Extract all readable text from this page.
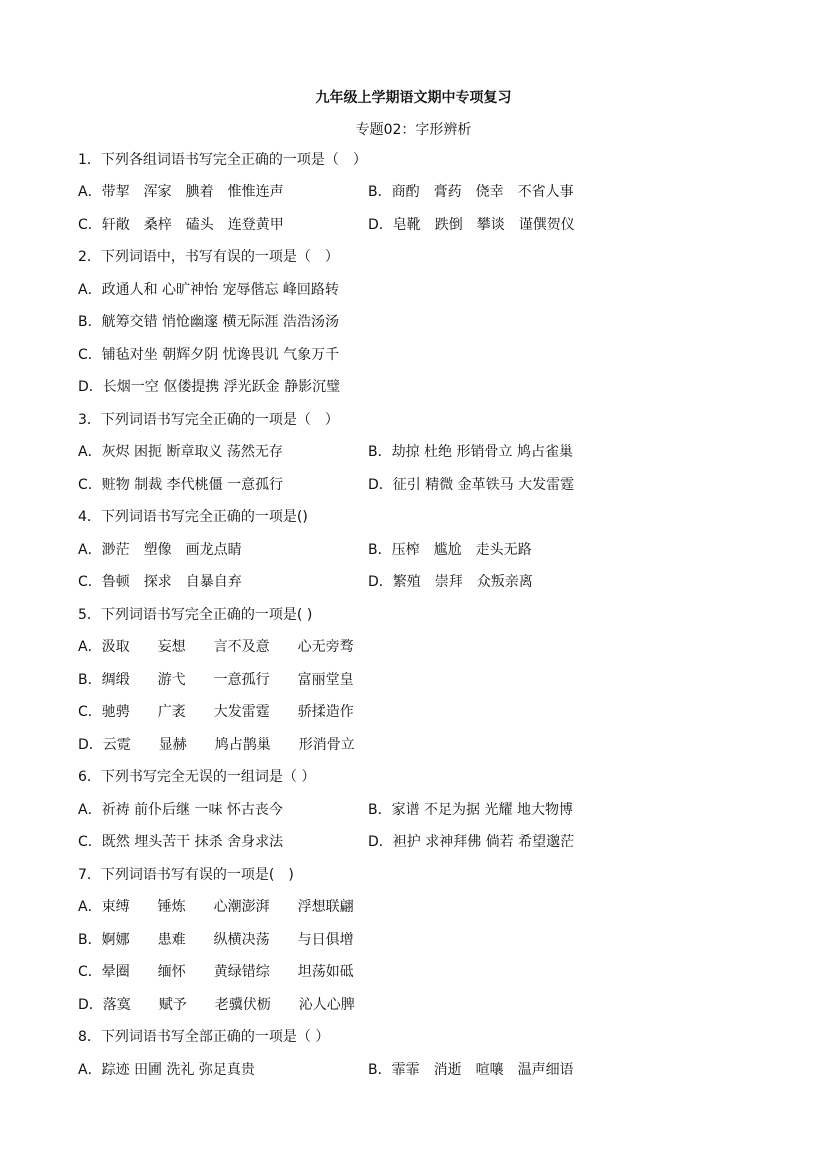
九年级上学期语文期中专项复习
专题02：字形辨析
1．下列各组词语书写完全正确的一项是（　）
A．带挈　浑家　腆着　惟惟连声	B．商酌　膏药　侥幸　不省人事
C．轩敞　桑梓　磕头　连登黄甲	D．皂靴　跌倒　攀谈　谨僎贺仪
2．下列词语中，书写有误的一项是（　）
A．政通人和 心旷神怡 宠辱偕忘 峰回路转
B．觥筹交错 悄怆幽邃 横无际涯 浩浩汤汤
C．铺毡对坐 朝辉夕阴 忧谗畏讥 气象万千
D．长烟一空 伛偻提携 浮光跃金 静影沉璧
3．下列词语书写完全正确的一项是（　）
A．灰烬 困扼 断章取义 荡然无存	B．劫掠 杜绝 形销骨立 鸠占雀巢
C．赃物 制裁 李代桃僵 一意孤行	D．征引 精微 金革铁马 大发雷霆
4．下列词语书写完全正确的一项是()
A．渺茫　塑像　画龙点睛	B．压榨　尴尬　走头无路
C．鲁顿　探求　自暴自弃	D．繁殖　崇拜　众叛亲离
5．下列词语书写完全正确的一项是( )
A．汲取　　妄想　　言不及意　　心无旁骛
B．绸缎　　游弋　　一意孤行　　富丽堂皇
C．驰骋　　广袤　　大发雷霆　　骄揉造作
D．云霓　　显赫　　鸠占鹊巢　　形消骨立
6．下列书写完全无误的一组词是（ ）
A．祈祷 前仆后继 一味 怀古丧今	B．家谱 不足为据 光耀 地大物博
C．既然 埋头苦干 抹杀 舍身求法	D．袒护 求神拜佛 倘若 希望邈茫
7．下列词语书写有误的一项是(　)
A．束缚　　锤炼　　心潮澎湃　　浮想联翩
B．婀娜　　患难　　纵横决荡　　与日俱增
C．晕圈　　缅怀　　黄绿错综　　坦荡如砥
D．落寞　　赋予　　老骥伏枥　　沁人心脾
8．下列词语书写全部正确的一项是（ ）
A．踪迹 田圃 洗礼 弥足真贵	B．霏霏　消逝　喧嚷　温声细语
